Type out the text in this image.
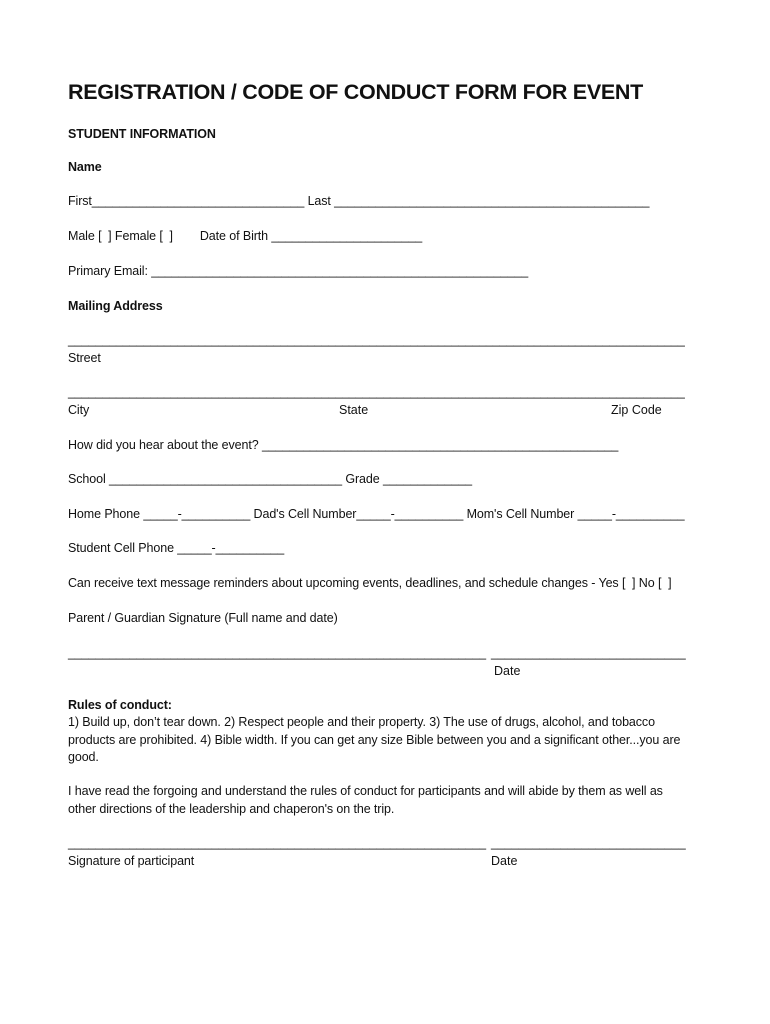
REGISTRATION / CODE OF CONDUCT FORM FOR EVENT
STUDENT INFORMATION
Name
First_______________________________ Last ______________________________________________
Male [  ] Female [  ]        Date of Birth ______________________
Primary Email: _______________________________________________________
Mailing Address
__________________________________________________________________________________________
Street
__________________________________________________________________________________________
City	State	Zip Code
How did you hear about the event? ____________________________________________________
School __________________________________ Grade _____________
Home Phone _____-__________ Dad's Cell Number_____-__________ Mom's Cell Number _____-__________
Student Cell Phone _____-__________
Can receive text message reminders about upcoming events, deadlines, and schedule changes - Yes [  ] No [  ]
Parent / Guardian Signature (Full name and date)
_____________________________________________________________ ____________________________
Date
Rules of conduct:
1) Build up, don’t tear down. 2) Respect people and their property. 3) The use of drugs, alcohol, and tobacco products are prohibited. 4) Bible width. If you can get any size Bible between you and a significant other...you are good.
I have read the forgoing and understand the rules of conduct for participants and will abide by them as well as other directions of the leadership and chaperon's on the trip.
_____________________________________________________________ ____________________________
Signature of participant	Date
